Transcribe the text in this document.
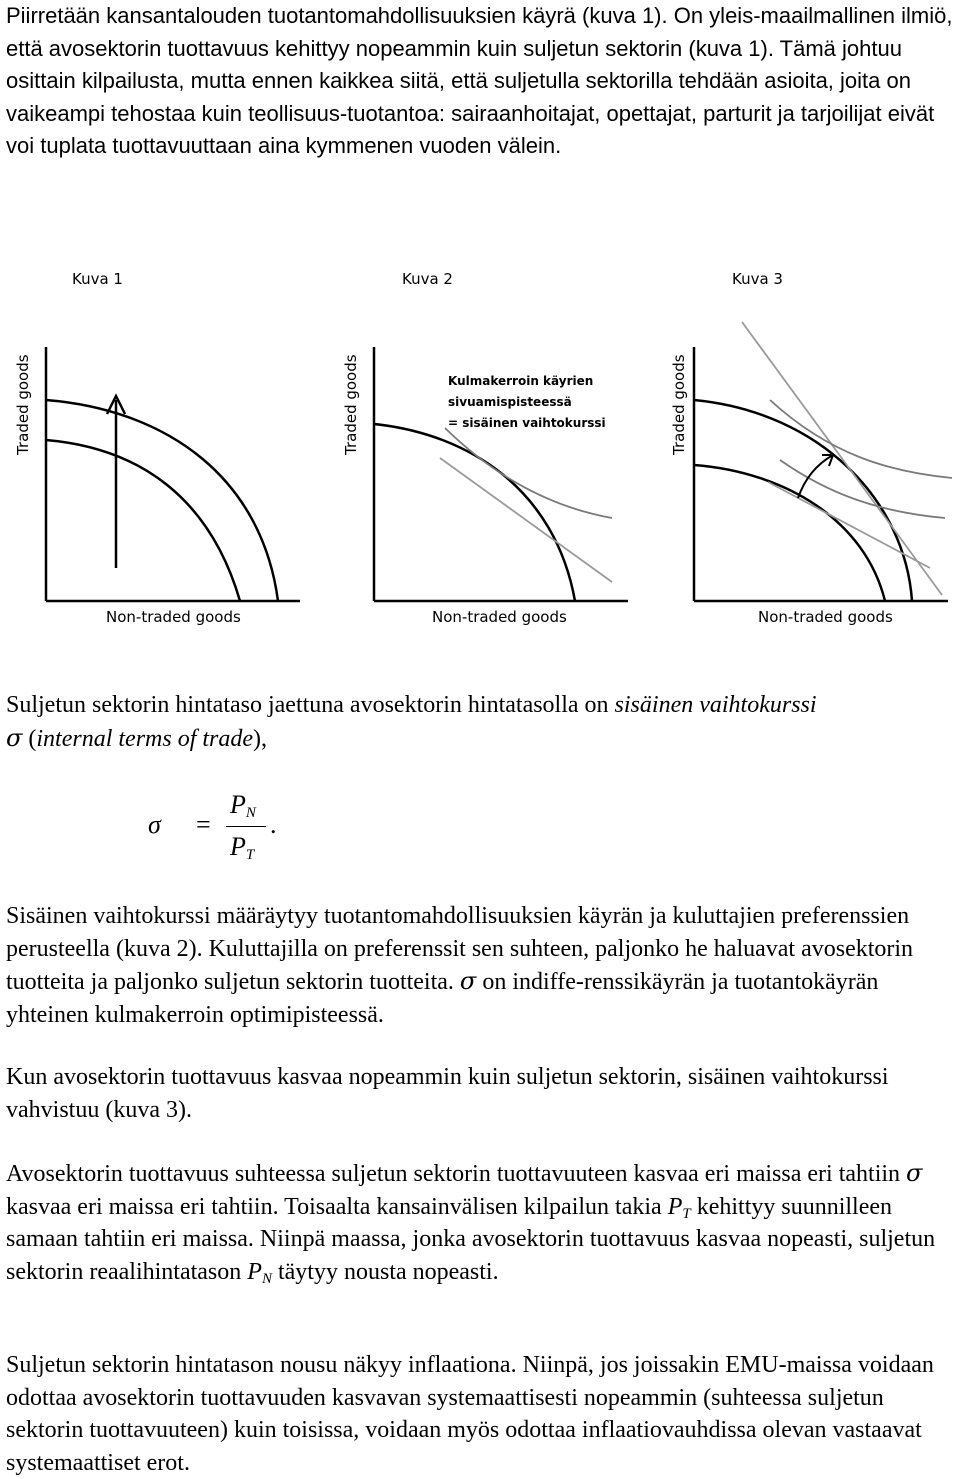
Piirretään kansantalouden tuotantomahdollisuuksien käyrä (kuva 1). On yleis-maailmallinen ilmiö, että avosektorin tuottavuus kehittyy nopeammin kuin suljetun sektorin (kuva 1). Tämä johtuu osittain kilpailusta, mutta ennen kaikkea siitä, että suljetulla sektorilla tehdään asioita, joita on vaikeampi tehostaa kuin teollisuus-tuotantoa: sairaanhoitajat, opettajat, parturit ja tarjoilijat eivät voi tuplata tuottavuuttaan aina kymmenen vuoden välein.

Kuva 1
Traded goods
Non-traded goods
Kuva 2
Traded goods	Kulmakerroin käyrien
sivuamispisteessä
= sisäinen vaihtokurssi
Non-traded goods
Kuva 3
Traded goods
Non-traded goods

Suljetun sektorin hintataso jaettuna avosektorin hintatasolla on sisäinen vaihtokurssi
σ (internal terms of trade),

σ =
$P_N$
$P_T$
.

Sisäinen vaihtokurssi määräytyy tuotantomahdollisuuksien käyrän ja kuluttajien preferenssien perusteella (kuva 2). Kuluttajilla on preferenssit sen suhteen, paljonko he haluavat avosektorin tuotteita ja paljonko suljetun sektorin tuotteita. σ on indiffe-renssikäyrän ja tuotantokäyrän yhteinen kulmakerroin optimipisteessä.

Kun avosektorin tuottavuus kasvaa nopeammin kuin suljetun sektorin, sisäinen vaihtokurssi vahvistuu (kuva 3).

Avosektorin tuottavuus suhteessa suljetun sektorin tuottavuuteen kasvaa eri maissa eri tahtiin σ kasvaa eri maissa eri tahtiin. Toisaalta kansainvälisen kilpailun takia $P_T$ kehittyy suunnilleen samaan tahtiin eri maissa. Niinpä maassa, jonka avosektorin tuottavuus kasvaa nopeasti, suljetun sektorin reaalihintatason $P_N$ täytyy nousta nopeasti.

Suljetun sektorin hintatason nousu näkyy inflaationa. Niinpä, jos joissakin EMU-maissa voidaan odottaa avosektorin tuottavuuden kasvavan systemaattisesti nopeammin (suhteessa suljetun sektorin tuottavuuteen) kuin toisissa, voidaan myös odottaa inflaatiovauhdissa olevan vastaavat systemaattiset erot.
